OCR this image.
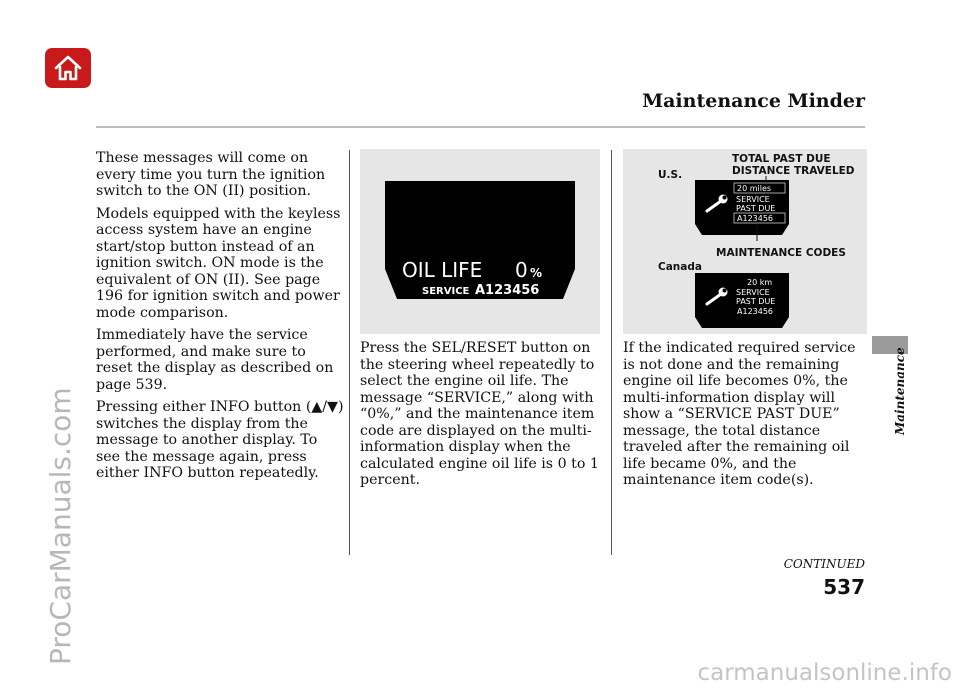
Maintenance Minder
ProCarManuals.com	Maintenance

These messages will come on every time you turn the ignition switch to the ON (II) position.

Models equipped with the keyless access system have an engine start/stop button instead of an ignition switch. ON mode is the equivalent of ON (II). See page 196 for ignition switch and power mode comparison.

Immediately have the service performed, and make sure to reset the display as described on page 539.

Pressing either INFO button (▲/▼) switches the display from the message to another display. To see the message again, press either INFO button repeatedly.

OIL LIFE 0 %
SERVICE A123456

Press the SEL/RESET button on the steering wheel repeatedly to select the engine oil life. The message “SERVICE,” along with “0%,” and the maintenance item code are displayed on the multi-information display when the calculated engine oil life is 0 to 1 percent.

TOTAL PAST DUE
DISTANCE TRAVELED
U.S.
20 miles
SERVICE
PAST DUE
A123456
MAINTENANCE CODES
Canada
20 km
SERVICE
PAST DUE
A123456

If the indicated required service is not done and the remaining engine oil life becomes 0%, the multi-information display will show a “SERVICE PAST DUE” message, the total distance traveled after the remaining oil life became 0%, and the maintenance item code(s).

CONTINUED
537
carmanualsonline.info
